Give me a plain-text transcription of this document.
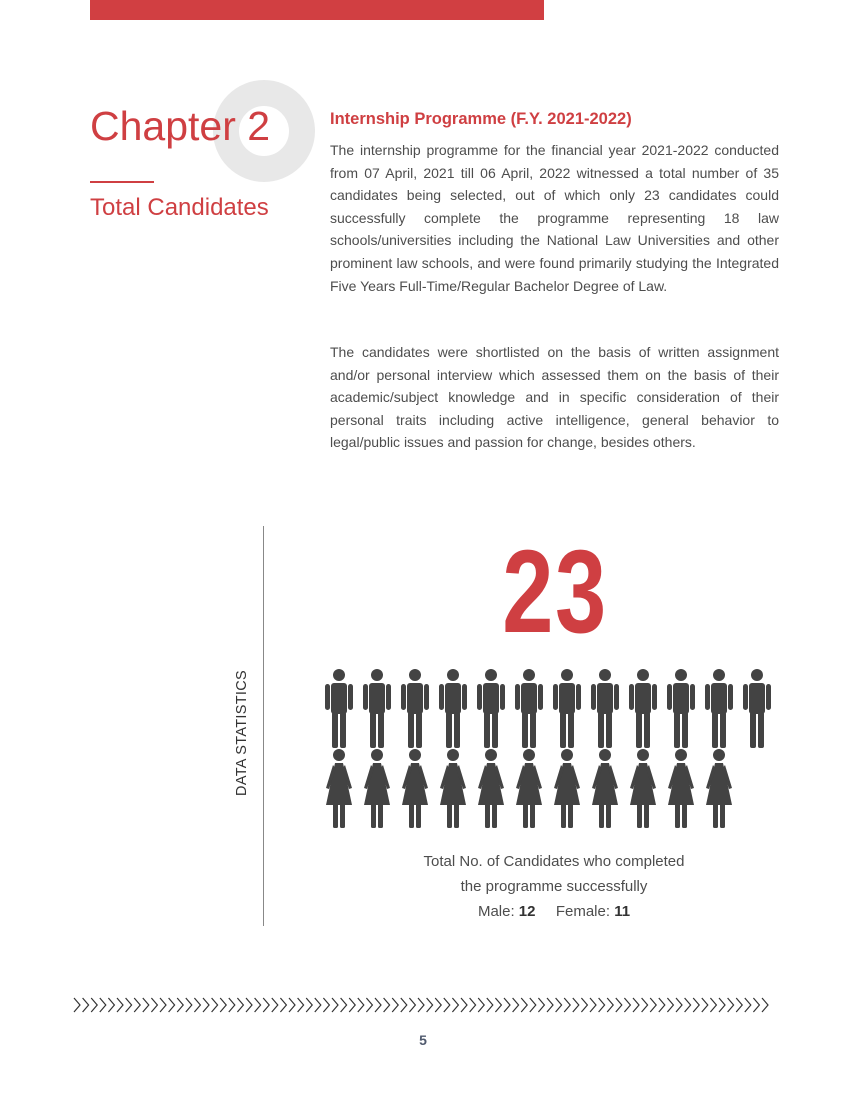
Chapter 2
Total Candidates
Internship Programme (F.Y. 2021-2022)

The internship programme for the financial year 2021-2022 conducted from 07 April, 2021 till 06 April, 2022 witnessed a total number of 35 candidates being selected, out of which only 23 candidates could successfully complete the programme representing 18 law schools/universities including the National Law Universities and other prominent law schools, and were found primarily studying the Integrated Five Years Full-Time/Regular Bachelor Degree of Law.

The candidates were shortlisted on the basis of written assignment and/or personal interview which assessed them on the basis of their academic/subject knowledge and in specific consideration of their personal traits including active intelligence, general behavior to legal/public issues and passion for change, besides others.

DATA STATISTICS
23
Total No. of Candidates who completed
the programme successfully
Male: 12 Female: 11
5
